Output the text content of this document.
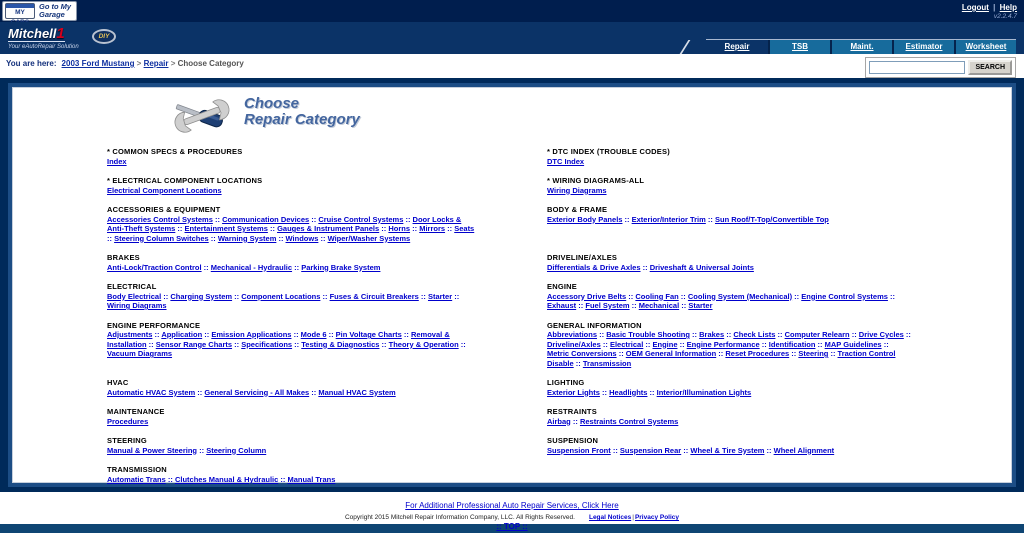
MY
Go to My
Garage
Logout | Help
v2.2.4.7
Mitchell1
Your eAutoRepair Solution
DIY
Repair	TSB	Maint.	Estimator	Worksheet
You are here: 2003 Ford Mustang > Repair > Choose Category	SEARCH
Choose
Repair Category
* COMMON SPECS & PROCEDURES
Index
* ELECTRICAL COMPONENT LOCATIONS
Electrical Component Locations
ACCESSORIES & EQUIPMENT
Accessories Control Systems :: Communication Devices :: Cruise Control Systems :: Door Locks & Anti-Theft Systems :: Entertainment Systems :: Gauges & Instrument Panels :: Horns :: Mirrors :: Seats :: Steering Column Switches :: Warning System :: Windows :: Wiper/Washer Systems
BRAKES
Anti-Lock/Traction Control :: Mechanical - Hydraulic :: Parking Brake System
ELECTRICAL
Body Electrical :: Charging System :: Component Locations :: Fuses & Circuit Breakers :: Starter :: Wiring Diagrams
ENGINE PERFORMANCE
Adjustments :: Application :: Emission Applications :: Mode 6 :: Pin Voltage Charts :: Removal & Installation :: Sensor Range Charts :: Specifications :: Testing & Diagnostics :: Theory & Operation :: Vacuum Diagrams
HVAC
Automatic HVAC System :: General Servicing - All Makes :: Manual HVAC System
MAINTENANCE
Procedures
STEERING
Manual & Power Steering :: Steering Column
TRANSMISSION
Automatic Trans :: Clutches Manual & Hydraulic :: Manual Trans
* DTC INDEX (TROUBLE CODES)
DTC Index
* WIRING DIAGRAMS-ALL
Wiring Diagrams
BODY & FRAME
Exterior Body Panels :: Exterior/Interior Trim :: Sun Roof/T-Top/Convertible Top
DRIVELINE/AXLES
Differentials & Drive Axles :: Driveshaft & Universal Joints
ENGINE
Accessory Drive Belts :: Cooling Fan :: Cooling System (Mechanical) :: Engine Control Systems :: Exhaust :: Fuel System :: Mechanical :: Starter
GENERAL INFORMATION
Abbreviations :: Basic Trouble Shooting :: Brakes :: Check Lists :: Computer Relearn :: Drive Cycles :: Driveline/Axles :: Electrical :: Engine :: Engine Performance :: Identification :: MAP Guidelines :: Metric Conversions :: OEM General Information :: Reset Procedures :: Steering :: Traction Control Disable :: Transmission
LIGHTING
Exterior Lights :: Headlights :: Interior/Illumination Lights
RESTRAINTS
Airbag :: Restraints Control Systems
SUSPENSION
Suspension Front :: Suspension Rear :: Wheel & Tire System :: Wheel Alignment
For Additional Professional Auto Repair Services, Click Here
Copyright 2015 Mitchell Repair Information Company, LLC. All Rights Reserved. Legal Notices|Privacy Policy
:: TOP ::
